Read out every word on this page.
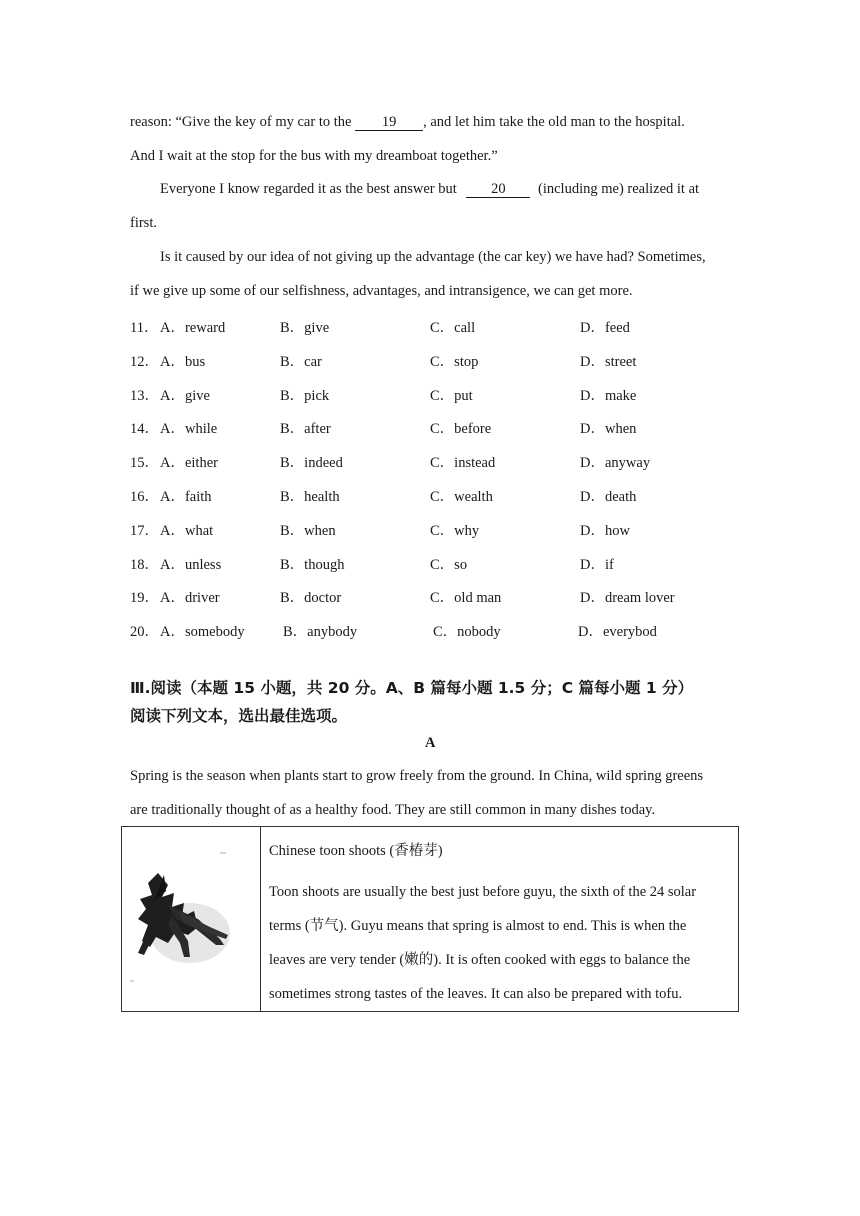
reason: “Give the key of my car to the 19 , and let him take the old man to the hospital.
And I wait at the stop for the bus with my dreamboat together.”
Everyone I know regarded it as the best answer but 20 (including me) realized it at
first.
Is it caused by our idea of not giving up the advantage (the car key) we have had? Sometimes,
if we give up some of our selfishness, advantages, and intransigence, we can get more.
11． A．reward	B．give	C．call	D．feed
12． A．bus	B．car	C．stop	D．street
13． A．give	B．pick	C．put	D．make
14． A．while	B．after	C．before	D．when
15． A．either	B．indeed	C．instead	D．anyway
16． A．faith	B．health	C．wealth	D．death
17． A．what	B．when	C．why	D．how
18． A．unless	B．though	C．so	D．if
19． A．driver	B．doctor	C．old man	D．dream lover
20． A．somebody	B．anybody	C．nobody	D．everybod
Ⅲ.阅读（本题 15 小题，共 20 分。A、B 篇每小题 1.5 分；C 篇每小题 1 分）
阅读下列文本，选出最佳选项。
A
Spring is the season when plants start to grow freely from the ground. In China, wild spring greens
are traditionally thought of as a healthy food. They are still common in many dishes today.

Chinese toon shoots (香椿芽)
Toon shoots are usually the best just before guyu, the sixth of the 24 solar
terms (节气). Guyu means that spring is almost to end. This is when the
leaves are very tender (嫩的). It is often cooked with eggs to balance the
sometimes strong tastes of the leaves. It can also be prepared with tofu.
